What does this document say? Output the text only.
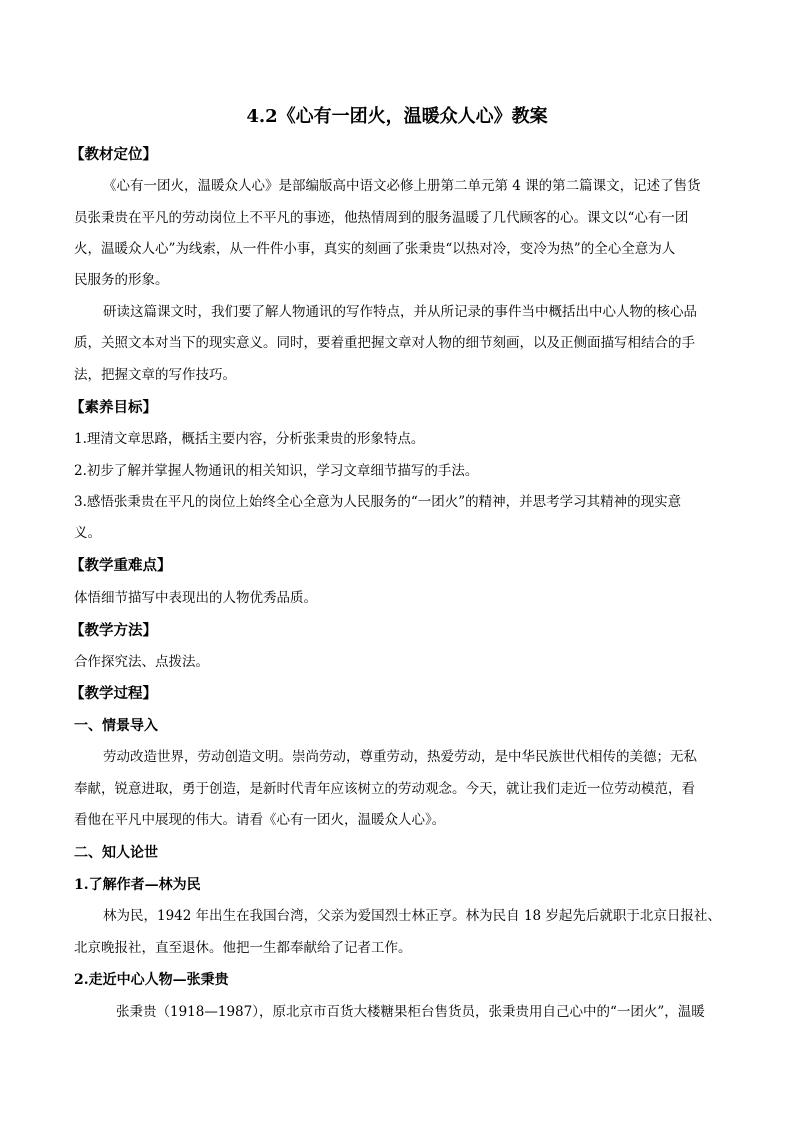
4.2《心有一团火，温暖众人心》教案
【教材定位】
《心有一团火，温暖众人心》是部编版高中语文必修上册第二单元第 4 课的第二篇课文，记述了售货
员张秉贵在平凡的劳动岗位上不平凡的事迹，他热情周到的服务温暖了几代顾客的心。课文以“心有一团
火，温暖众人心”为线索，从一件件小事，真实的刻画了张秉贵“以热对冷，变冷为热”的全心全意为人
民服务的形象。
研读这篇课文时，我们要了解人物通讯的写作特点，并从所记录的事件当中概括出中心人物的核心品
质，关照文本对当下的现实意义。同时，要着重把握文章对人物的细节刻画，以及正侧面描写相结合的手
法，把握文章的写作技巧。
【素养目标】
1.理清文章思路，概括主要内容，分析张秉贵的形象特点。
2.初步了解并掌握人物通讯的相关知识，学习文章细节描写的手法。
3.感悟张秉贵在平凡的岗位上始终全心全意为人民服务的“一团火”的精神，并思考学习其精神的现实意
义。
【教学重难点】
体悟细节描写中表现出的人物优秀品质。
【教学方法】
合作探究法、点拨法。
【教学过程】
一、情景导入
劳动改造世界，劳动创造文明。崇尚劳动，尊重劳动，热爱劳动，是中华民族世代相传的美德；无私
奉献，锐意进取，勇于创造，是新时代青年应该树立的劳动观念。今天，就让我们走近一位劳动模范，看
看他在平凡中展现的伟大。请看《心有一团火，温暖众人心》。
二、知人论世
1.了解作者—林为民
林为民，1942 年出生在我国台湾，父亲为爱国烈士林正亨。林为民自 18 岁起先后就职于北京日报社、
北京晚报社，直至退休。他把一生都奉献给了记者工作。
2.走近中心人物—张秉贵
张秉贵（1918—1987），原北京市百货大楼糖果柜台售货员，张秉贵用自己心中的“一团火”，温暖
